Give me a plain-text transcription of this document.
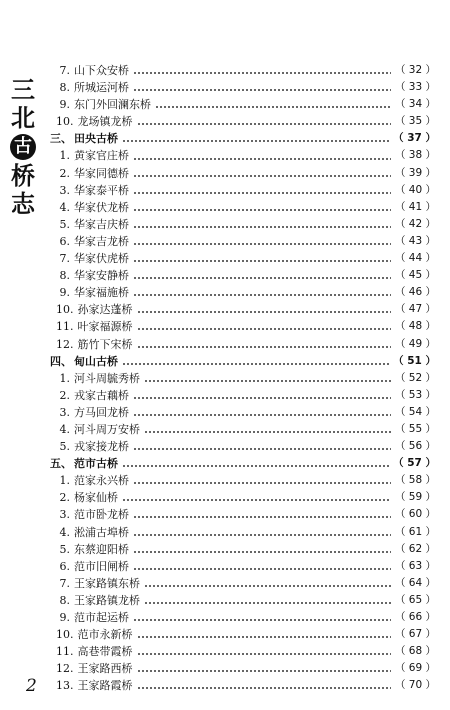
三
北
古
桥
志
7. 山下众安桥	（ 32 ）
8. 所城运河桥	（ 33 ）
9. 东门外回澜东桥	（ 34 ）
10. 龙场镇龙桥	（ 35 ）
三、 田央古桥	（ 37 ）
1. 黄家官庄桥	（ 38 ）
2. 华家同德桥	（ 39 ）
3. 华家泰平桥	（ 40 ）
4. 华家伏龙桥	（ 41 ）
5. 华家吉庆桥	（ 42 ）
6. 华家吉龙桥	（ 43 ）
7. 华家伏虎桥	（ 44 ）
8. 华家安静桥	（ 45 ）
9. 华家福施桥	（ 46 ）
10. 孙家达蓬桥	（ 47 ）
11. 叶家福源桥	（ 48 ）
12. 筋竹下宋桥	（ 49 ）
四、 甸山古桥	（ 51 ）
1. 河斗周毓秀桥	（ 52 ）
2. 戎家古藕桥	（ 53 ）
3. 方马回龙桥	（ 54 ）
4. 河斗周万安桥	（ 55 ）
5. 戎家接龙桥	（ 56 ）
五、 范市古桥	（ 57 ）
1. 范家永兴桥	（ 58 ）
2. 杨家仙桥	（ 59 ）
3. 范市卧龙桥	（ 60 ）
4. 淞浦古埠桥	（ 61 ）
5. 东蔡迎阳桥	（ 62 ）
6. 范市旧闸桥	（ 63 ）
7. 王家路镇东桥	（ 64 ）
8. 王家路镇龙桥	（ 65 ）
9. 范市起运桥	（ 66 ）
10. 范市永新桥	（ 67 ）
11. 高巷带霞桥	（ 68 ）
12. 王家路西桥	（ 69 ）
13. 王家路霞桥	（ 70 ）
2
